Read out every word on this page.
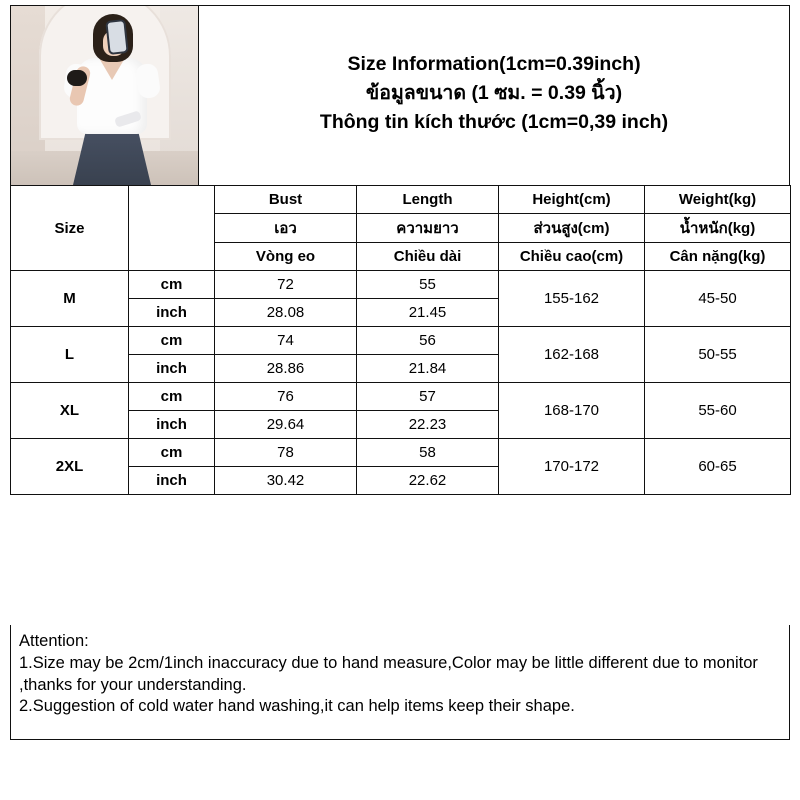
Size Information(1cm=0.39inch)
ข้อมูลขนาด (1 ซม. = 0.39 นิ้ว)
Thông tin kích thước (1cm=0,39 inch)
Size		Bust	Length	Height(cm)	Weight(kg)
		เอว	ความยาว	ส่วนสูง(cm)	น้ำหนัก(kg)
		Vòng eo	Chiều dài	Chiều cao(cm)	Cân nặng(kg)
M	cm	72	55	155-162	45-50
	inch	28.08	21.45		
L	cm	74	56	162-168	50-55
	inch	28.86	21.84		
XL	cm	76	57	168-170	55-60
	inch	29.64	22.23		
2XL	cm	78	58	170-172	60-65
	inch	30.42	22.62		
Attention:
1.Size may be 2cm/1inch inaccuracy due to hand measure,Color may be little different due to monitor ,thanks for your understanding.
2.Suggestion of cold water hand washing,it can help items keep their shape.
